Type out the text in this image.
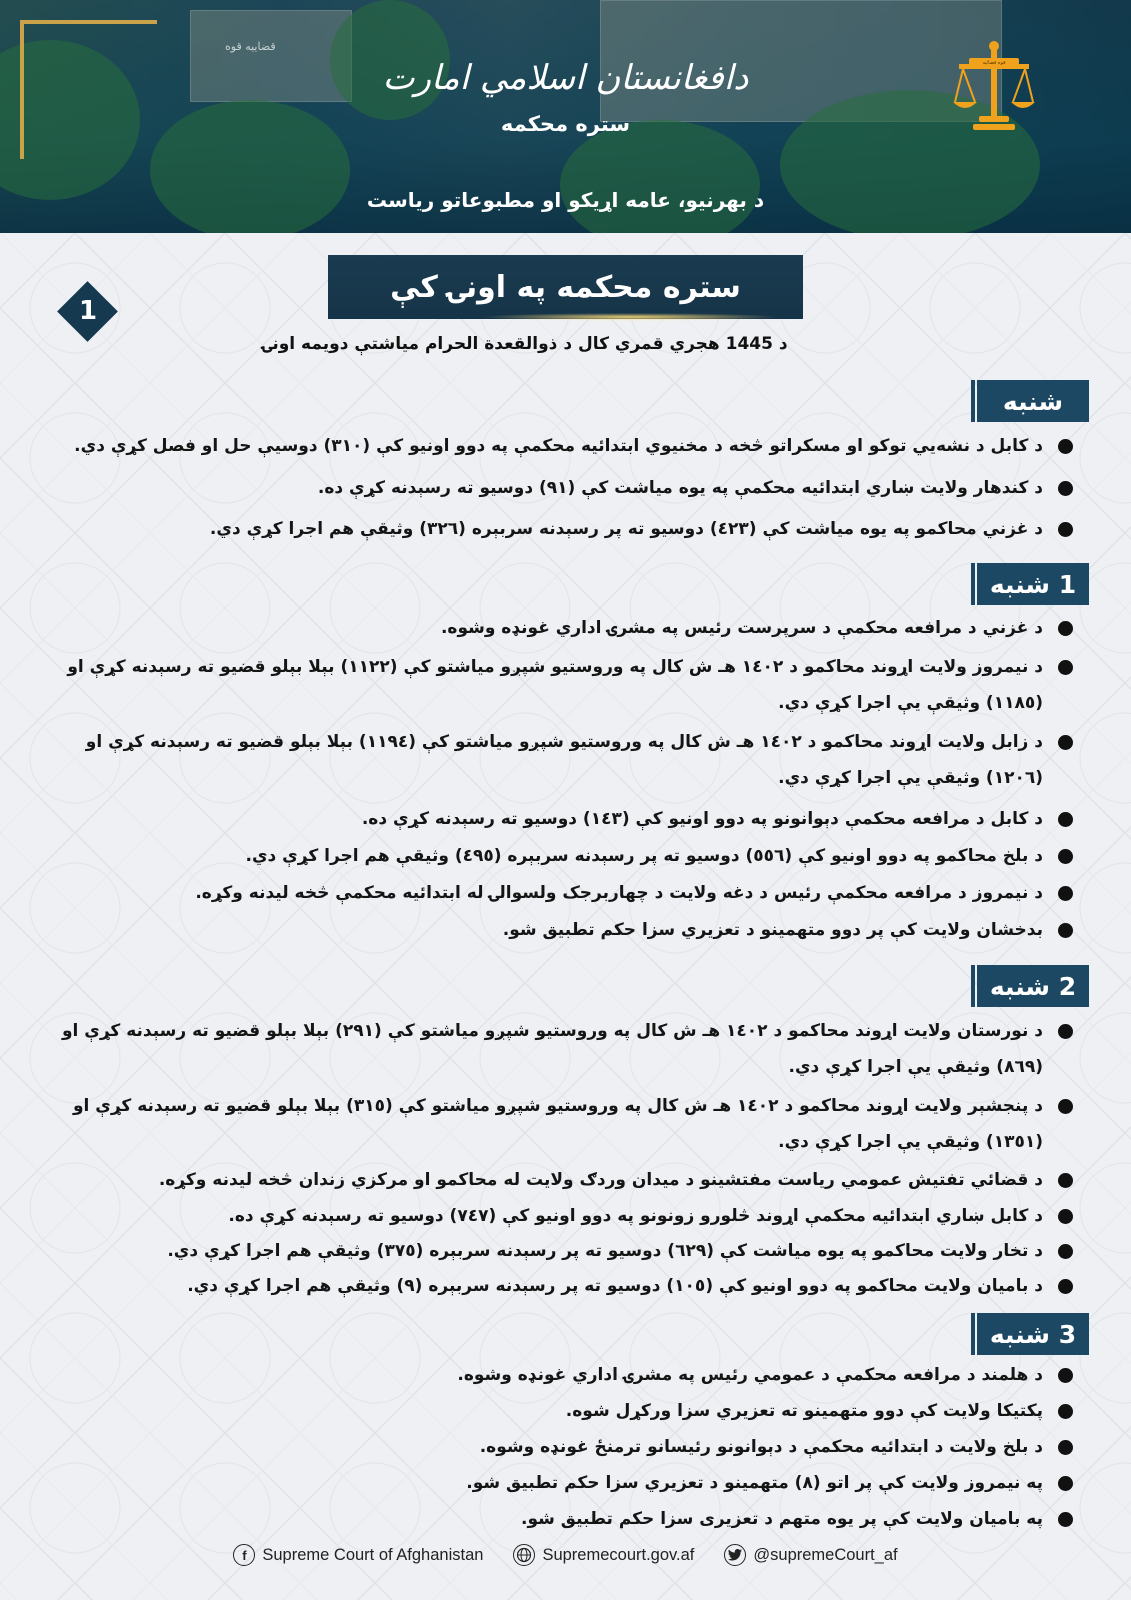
قضاييه قوه
دافغانستان اسلامي امارت
ستره محکمه
د بهرنیو، عامه اړیکو او مطبوعاتو ریاست
قوه قضائیه
ستره محکمه په اونۍ کې
1
د 1445 هجري قمري کال د ذوالقعدة الحرام میاشتې دویمه اونۍ
شنبه
د کابل د نشه‌یي توکو او مسکراتو څخه د مخنیوي ابتدائیه محکمې په دوو اونیو کې (۳۱۰) دوسیې حل او فصل کړې دي.
د کندهار ولایت ښاري ابتدائیه محکمې په یوه میاشت کې (۹۱) دوسیو ته رسېدنه کړې ده.
د غزني محاکمو په یوه میاشت کې (٤٢٣) دوسیو ته پر رسېدنه سربېره (۳۲٦) وثیقې هم اجرا کړې دي.
1 شنبه
د غزني د مرافعه محکمې د سرپرست رئیس په مشرۍ اداري غونډه وشوه.
د نیمروز ولایت اړوند محاکمو د ١٤٠٢ هـ ش کال په وروستیو شپږو میاشتو کې (١١٢٢) بېلا بېلو قضیو ته رسېدنه کړې او (١١٨٥) وثیقې یې اجرا کړې دي.
د زابل ولایت اړوند محاکمو د ١٤٠٢ هـ ش کال په وروستیو شپږو میاشتو کې (١١٩٤) بېلا بېلو قضیو ته رسېدنه کړې او (١٢٠٦) وثیقې یې اجرا کړې دي.
د کابل د مرافعه محکمې دېوانونو په دوو اونیو کې (١٤٣) دوسیو ته رسېدنه کړې ده.
د بلخ محاکمو په دوو اونیو کې (٥٥٦) دوسیو ته پر رسېدنه سربېره (٤٩٥) وثیقې هم اجرا کړې دي.
د نیمروز د مرافعه محکمې رئیس د دغه ولایت د چهاربرجک ولسوالۍ له ابتدائیه محکمې څخه لیدنه وکړه.
بدخشان ولایت کې پر دوو متهمینو د تعزیري سزا حکم تطبیق شو.
2 شنبه
د نورستان ولایت اړوند محاکمو د ١٤٠٢ هـ ش کال په وروستیو شپږو میاشتو کې (٢٩١) بېلا بېلو قضیو ته رسېدنه کړې او (٨٦٩) وثیقې یې اجرا کړې دي.
د پنجشېر ولایت اړوند محاکمو د ١٤٠٢ هـ ش کال په وروستیو شپږو میاشتو کې (٣١٥) بېلا بېلو قضیو ته رسېدنه کړې او (١٣٥١) وثیقې یې اجرا کړې دي.
د قضائي تفتیش عمومي ریاست مفتشینو د میدان وردګ ولایت له محاکمو او مرکزي زندان څخه لیدنه وکړه.
د کابل ښاري ابتدائیه محکمې اړوند څلورو زونونو په دوو اونیو کې (٧٤٧) دوسیو ته رسېدنه کړې ده.
د تخار ولایت محاکمو په یوه میاشت کې (٦٢٩) دوسیو ته پر رسېدنه سربېره (٣٧٥) وثیقې هم اجرا کړې دي.
د بامیان ولایت محاکمو په دوو اونیو کې (١٠٥) دوسیو ته پر رسېدنه سربېره (٩) وثیقې هم اجرا کړې دي.
3 شنبه
د هلمند د مرافعه محکمې د عمومي رئیس په مشرۍ اداري غونډه وشوه.
پکتیکا ولایت کې دوو متهمینو ته تعزیري سزا ورکړل شوه.
د بلخ ولایت د ابتدائیه محکمې د دېوانونو رئیسانو ترمنځ غونډه وشوه.
په نیمروز ولایت کې پر اتو (٨) متهمینو د تعزیري سزا حکم تطبیق شو.
په بامیان ولایت کې پر یوه متهم د تعزیری سزا حکم تطبیق شو.
f Supreme Court of Afghanistan	Supremecourt.gov.af	@supremeCourt_af
